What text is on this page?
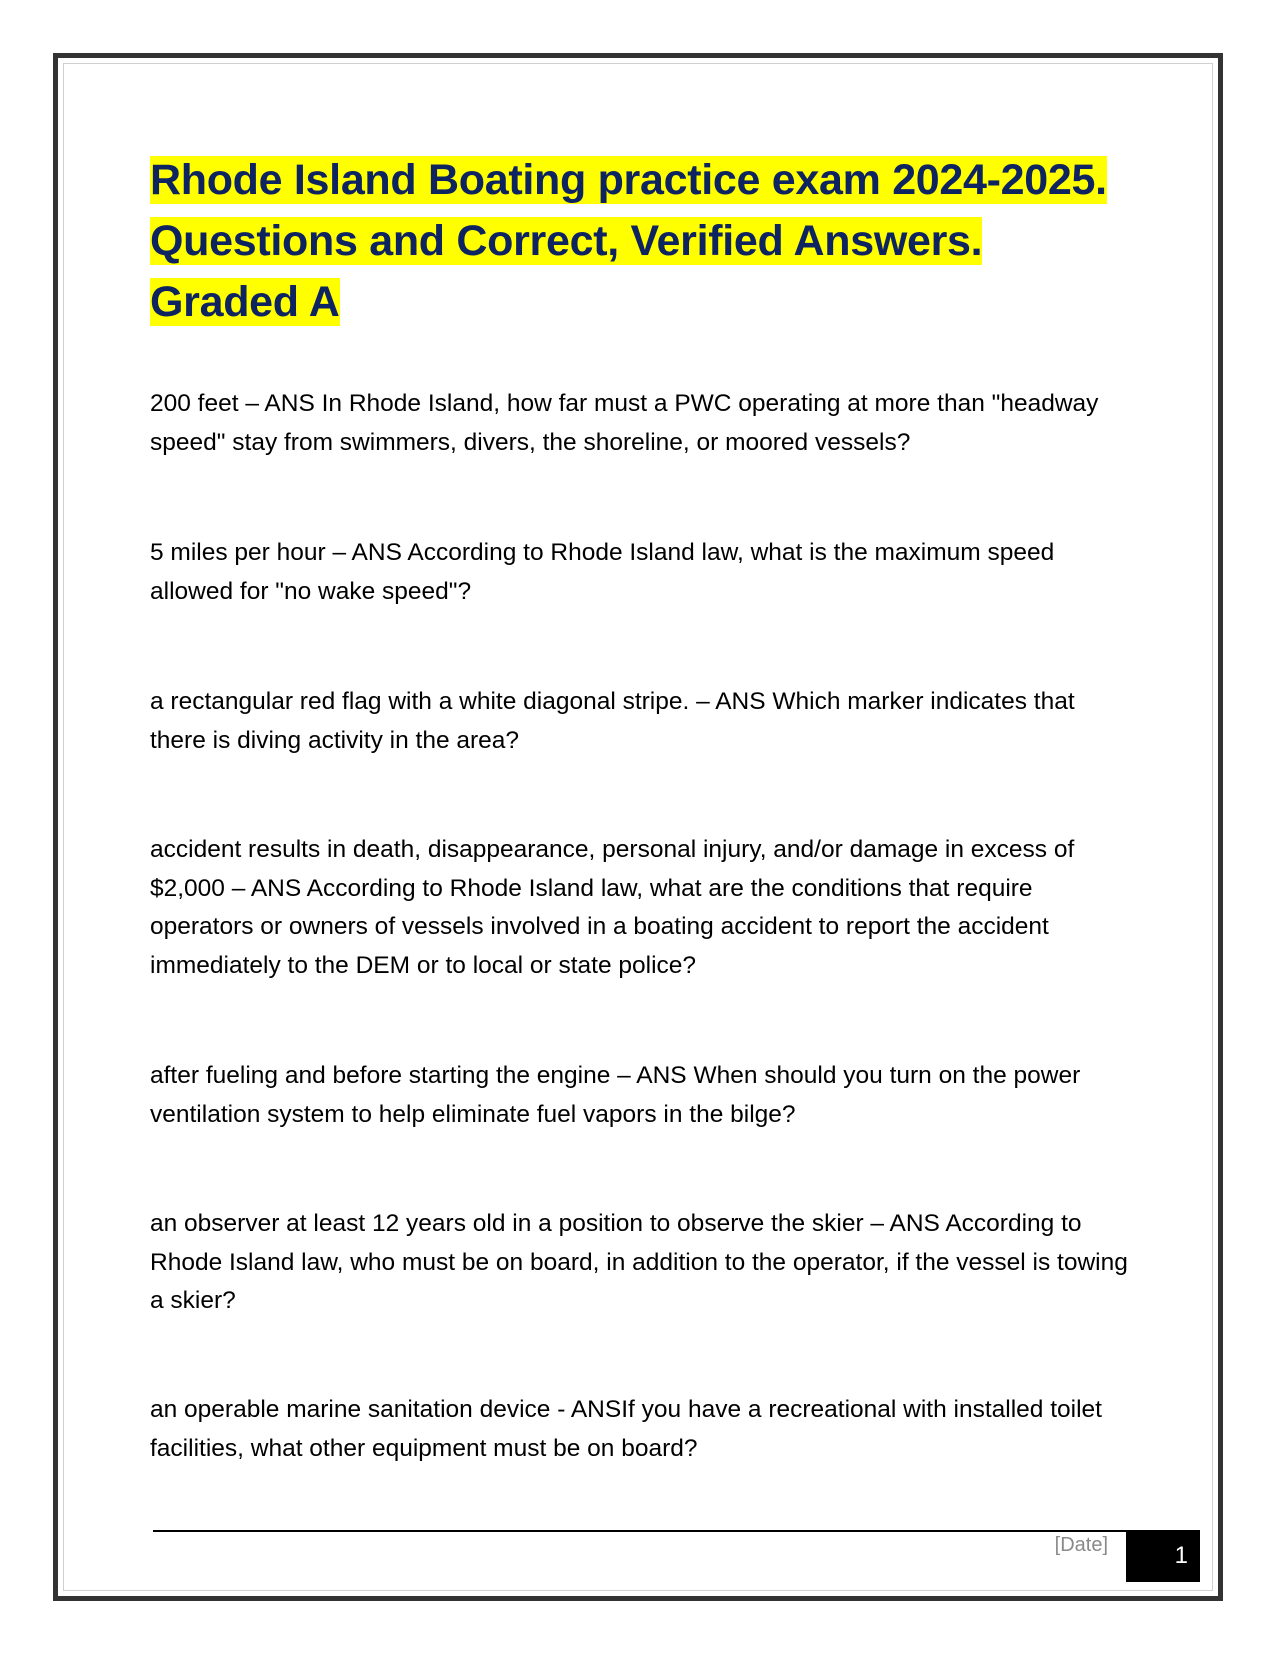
Rhode Island Boating practice exam 2024-2025. Questions and Correct, Verified Answers. Graded A

200 feet – ANS In Rhode Island, how far must a PWC operating at more than "headway speed" stay from swimmers, divers, the shoreline, or moored vessels?

5 miles per hour – ANS According to Rhode Island law, what is the maximum speed allowed for "no wake speed"?

a rectangular red flag with a white diagonal stripe. – ANS Which marker indicates that there is diving activity in the area?

accident results in death, disappearance, personal injury, and/or damage in excess of $2,000 – ANS According to Rhode Island law, what are the conditions that require operators or owners of vessels involved in a boating accident to report the accident immediately to the DEM or to local or state police?

after fueling and before starting the engine – ANS When should you turn on the power ventilation system to help eliminate fuel vapors in the bilge?

an observer at least 12 years old in a position to observe the skier – ANS According to Rhode Island law, who must be on board, in addition to the operator, if the vessel is towing a skier?

an operable marine sanitation device - ANSIf you have a recreational with installed toilet facilities, what other equipment must be on board?

[Date]	1
